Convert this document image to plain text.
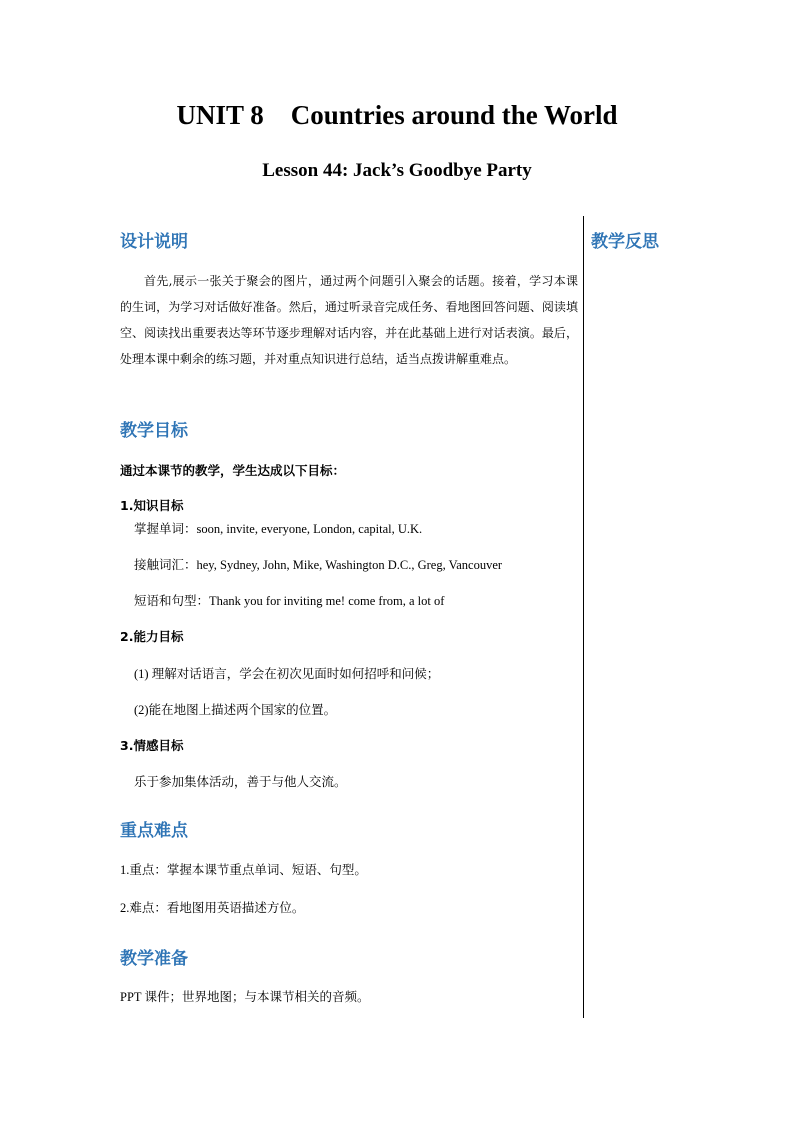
UNIT 8    Countries around the World
Lesson 44: Jack’s Goodbye Party
教学反思
设计说明
首先,展示一张关于聚会的图片，通过两个问题引入聚会的话题。接着，学习本课的生词，为学习对话做好准备。然后，通过听录音完成任务、看地图回答问题、阅读填空、阅读找出重要表达等环节逐步理解对话内容，并在此基础上进行对话表演。最后，处理本课中剩余的练习题，并对重点知识进行总结，适当点拨讲解重难点。
教学目标
通过本课节的教学，学生达成以下目标：
1.知识目标
掌握单词：soon, invite, everyone, London, capital, U.K.
接触词汇：hey, Sydney, John, Mike, Washington D.C., Greg, Vancouver
短语和句型：Thank you for inviting me! come from, a lot of
2.能力目标
(1) 理解对话语言，学会在初次见面时如何招呼和问候；
(2)能在地图上描述两个国家的位置。
3.情感目标
乐于参加集体活动，善于与他人交流。
重点难点
1.重点：掌握本课节重点单词、短语、句型。
2.难点：看地图用英语描述方位。
教学准备
PPT 课件；世界地图；与本课节相关的音频。
